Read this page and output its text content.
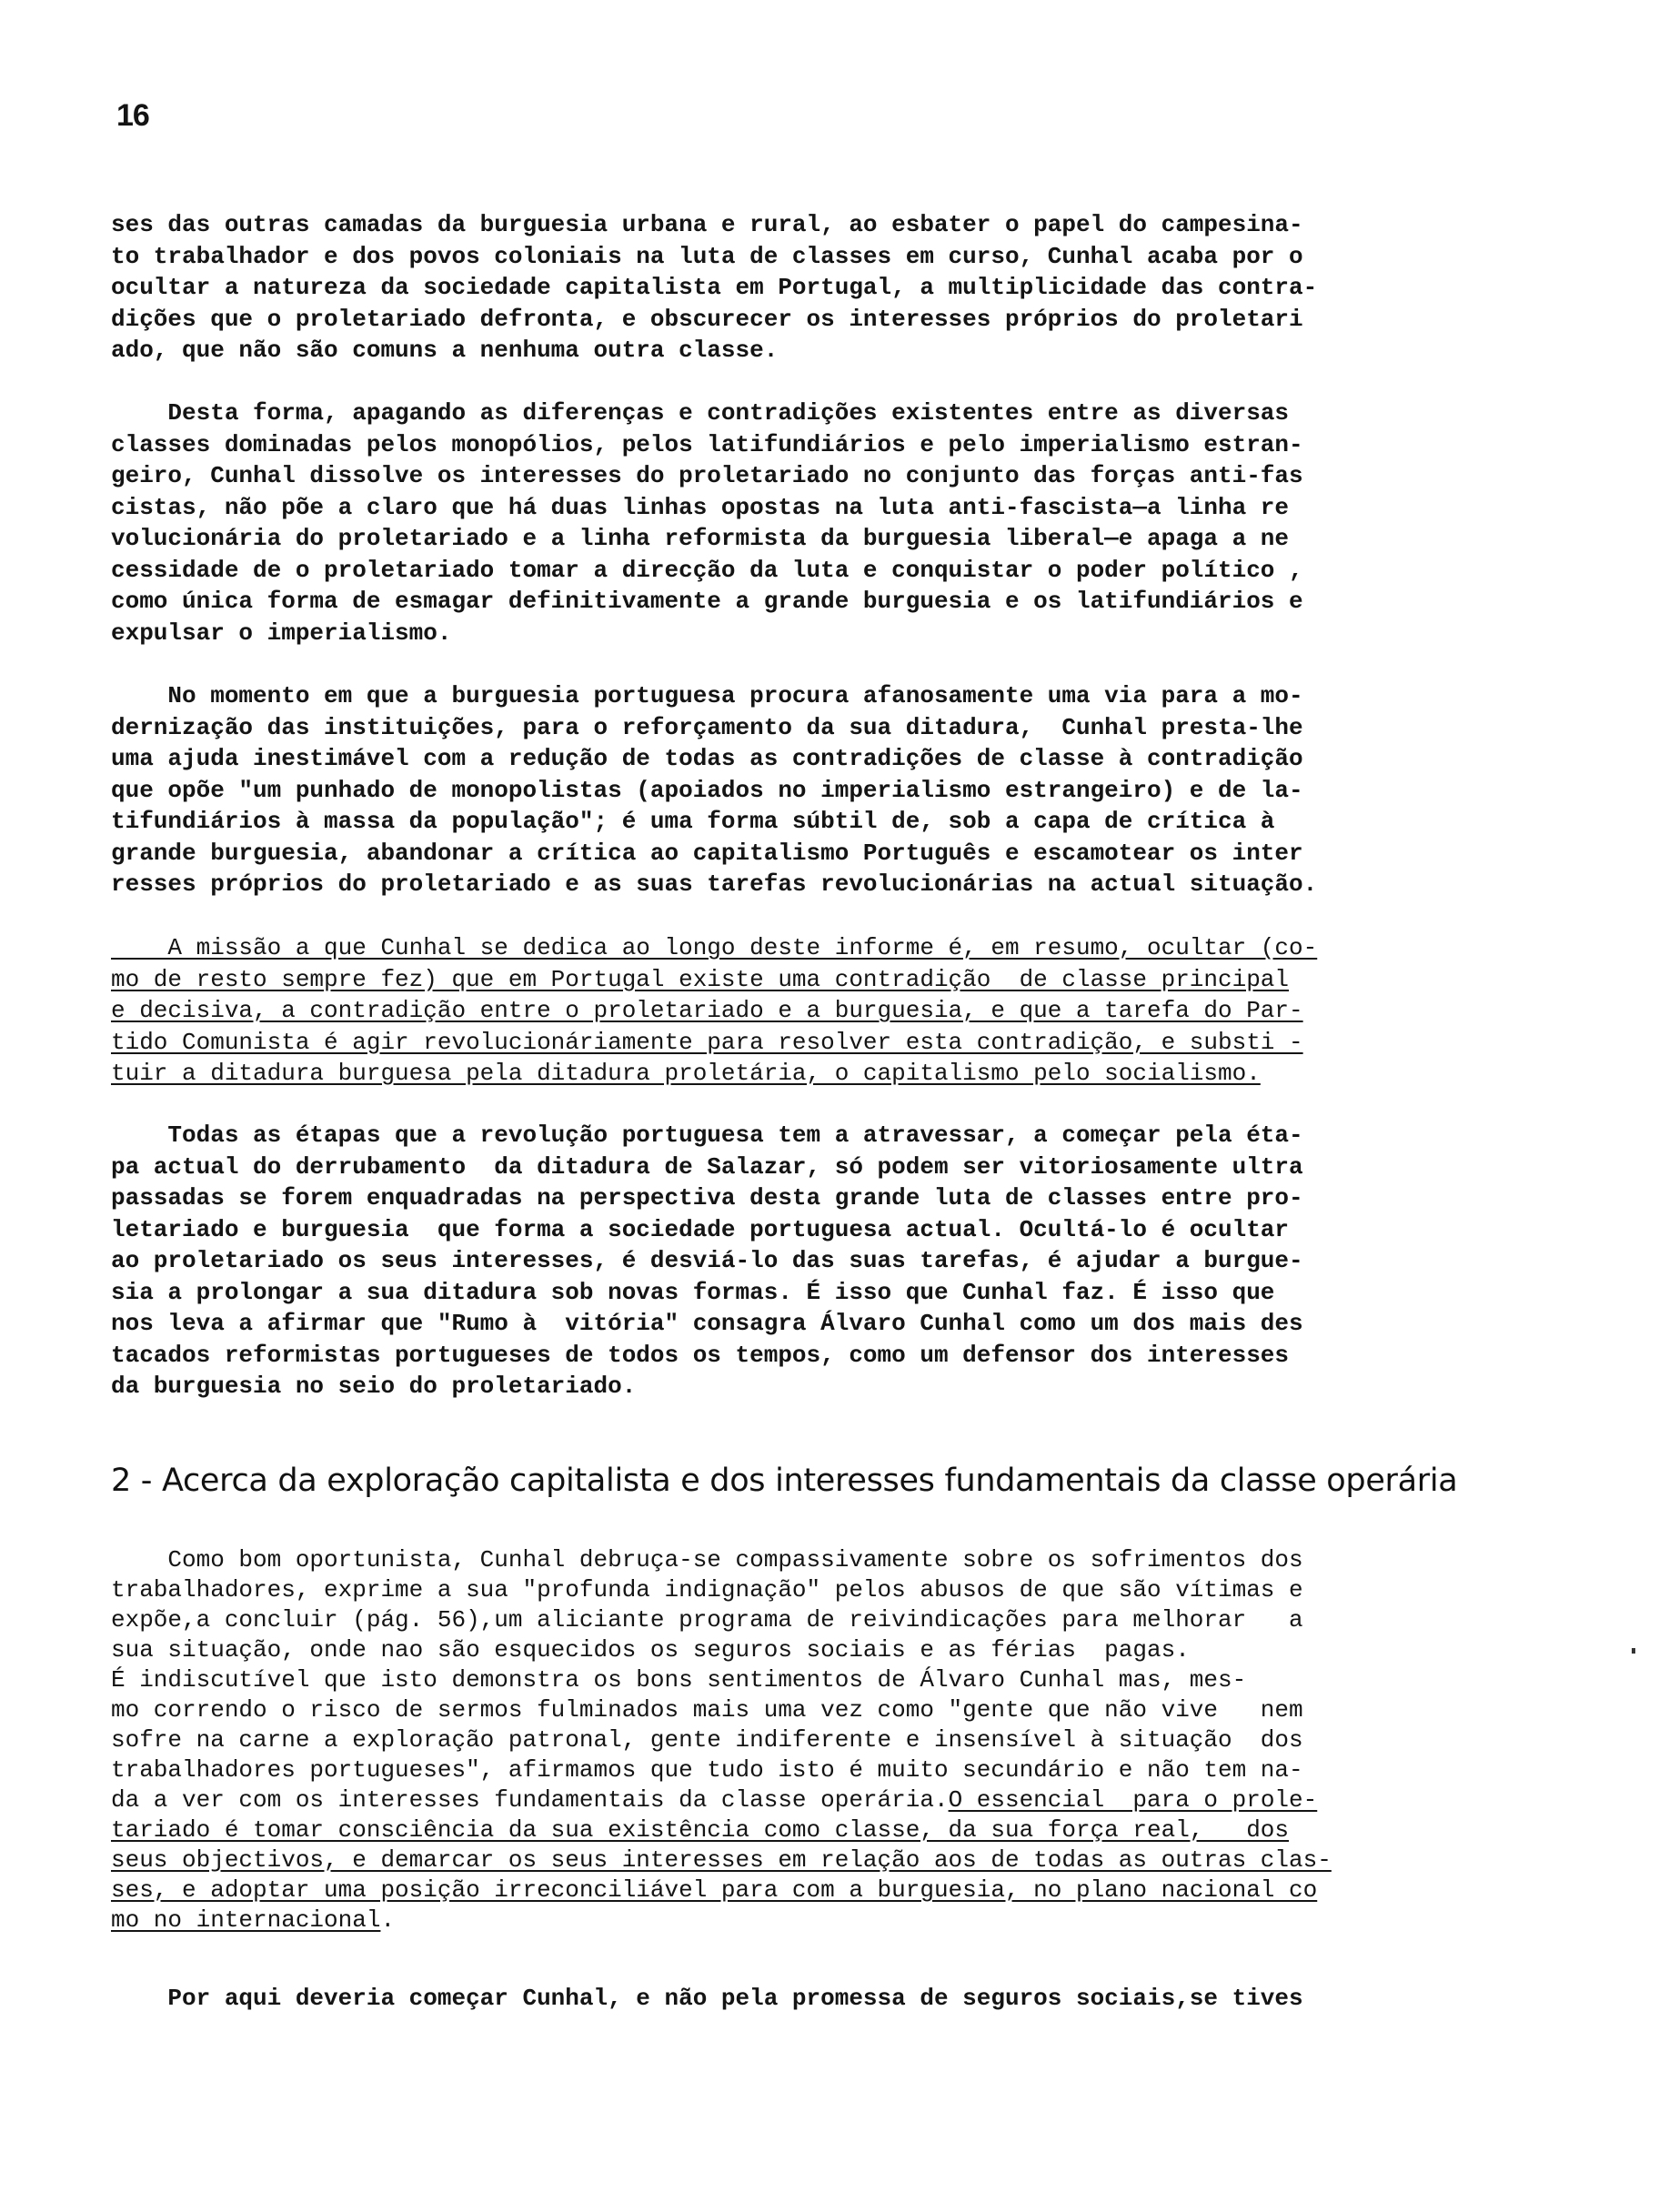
16
ses das outras camadas da burguesia urbana e rural, ao esbater o papel do campesina-
to trabalhador e dos povos coloniais na luta de classes em curso, Cunhal acaba por o
ocultar a natureza da sociedade capitalista em Portugal, a multiplicidade das contra-
dições que o proletariado defronta, e obscurecer os interesses próprios do proletari
ado, que não são comuns a nenhuma outra classe.
Desta forma, apagando as diferenças e contradições existentes entre as diversas
classes dominadas pelos monopólios, pelos latifundiários e pelo imperialismo estran-
geiro, Cunhal dissolve os interesses do proletariado no conjunto das forças anti-fas
cistas, não põe a claro que há duas linhas opostas na luta anti-fascista—a linha re
volucionária do proletariado e a linha reformista da burguesia liberal—e apaga a ne
cessidade de o proletariado tomar a direcção da luta e conquistar o poder político ,
como única forma de esmagar definitivamente a grande burguesia e os latifundiários e
expulsar o imperialismo.
No momento em que a burguesia portuguesa procura afanosamente uma via para a mo-
dernização das instituições, para o reforçamento da sua ditadura,  Cunhal presta-lhe
uma ajuda inestimável com a redução de todas as contradições de classe à contradição
que opõe "um punhado de monopolistas (apoiados no imperialismo estrangeiro) e de la-
tifundiários à massa da população"; é uma forma súbtil de, sob a capa de crítica à
grande burguesia, abandonar a crítica ao capitalismo Português e escamotear os inter
resses próprios do proletariado e as suas tarefas revolucionárias na actual situação.
A missão a que Cunhal se dedica ao longo deste informe é, em resumo, ocultar (co-
mo de resto sempre fez) que em Portugal existe uma contradição  de classe principal
e decisiva, a contradição entre o proletariado e a burguesia, e que a tarefa do Par-
tido Comunista é agir revolucionáriamente para resolver esta contradição, e substi -
tuir a ditadura burguesa pela ditadura proletária, o capitalismo pelo socialismo.
Todas as étapas que a revolução portuguesa tem a atravessar, a começar pela éta-
pa actual do derrubamento  da ditadura de Salazar, só podem ser vitoriosamente ultra
passadas se forem enquadradas na perspectiva desta grande luta de classes entre pro-
letariado e burguesia  que forma a sociedade portuguesa actual. Ocultá-lo é ocultar
ao proletariado os seus interesses, é desviá-lo das suas tarefas, é ajudar a burgue-
sia a prolongar a sua ditadura sob novas formas. É isso que Cunhal faz. É isso que
nos leva a afirmar que "Rumo à  vitória" consagra Álvaro Cunhal como um dos mais des
tacados reformistas portugueses de todos os tempos, como um defensor dos interesses
da burguesia no seio do proletariado.
2 - Acerca da exploração capitalista e dos interesses fundamentais da classe operária
Como bom oportunista, Cunhal debruça-se compassivamente sobre os sofrimentos dos
trabalhadores, exprime a sua "profunda indignação" pelos abusos de que são vítimas e
expõe,a concluir (pág. 56),um aliciante programa de reivindicações para melhorar   a
sua situação, onde nao são esquecidos os seguros sociais e as férias  pagas.
É indiscutível que isto demonstra os bons sentimentos de Álvaro Cunhal mas, mes-
mo correndo o risco de sermos fulminados mais uma vez como "gente que não vive   nem
sofre na carne a exploração patronal, gente indiferente e insensível à situação  dos
trabalhadores portugueses", afirmamos que tudo isto é muito secundário e não tem na-
da a ver com os interesses fundamentais da classe operária.O essencial  para o prole-
tariado é tomar consciência da sua existência como classe, da sua força real,   dos
seus objectivos, e demarcar os seus interesses em relação aos de todas as outras clas-
ses, e adoptar uma posição irreconciliável para com a burguesia, no plano nacional co
mo no internacional.
Por aqui deveria começar Cunhal, e não pela promessa de seguros sociais,se tives
